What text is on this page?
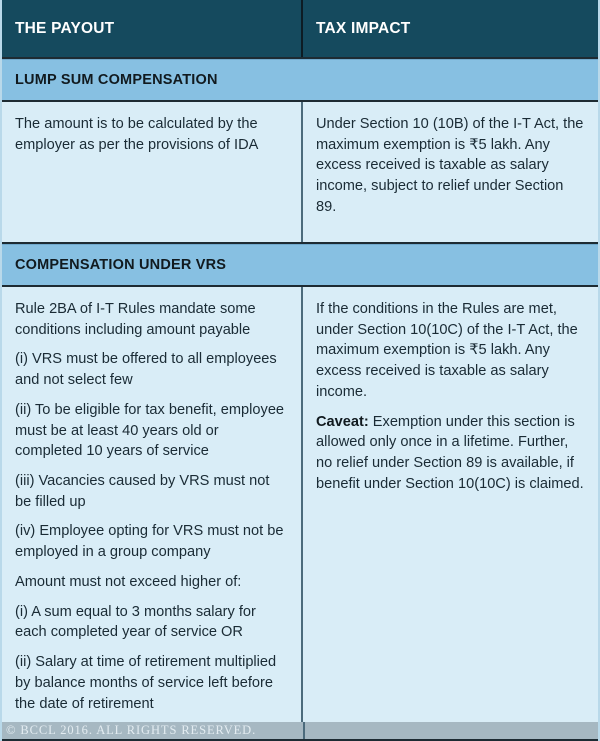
THE PAYOUT	TAX IMPACT
LUMP SUM COMPENSATION

The amount is to be calculated by the employer as per the provisions of IDA

Under Section 10 (10B) of the I-T Act, the maximum exemption is ₹5 lakh. Any excess received is taxable as salary income, subject to relief under Section 89.

COMPENSATION UNDER VRS

Rule 2BA of I-T Rules mandate some conditions including amount payable

(i) VRS must be offered to all employees and not select few

(ii) To be eligible for tax benefit, employee must be at least 40 years old or completed 10 years of service

(iii) Vacancies caused by VRS must not be filled up

(iv) Employee opting for VRS must not be employed in a group company

Amount must not exceed higher of:

(i) A sum equal to 3 months salary for each completed year of service OR

(ii) Salary at time of retirement multiplied by balance months of service left before the date of retirement

If the conditions in the Rules are met, under Section 10(10C) of the I-T Act, the maximum exemption is ₹5 lakh. Any excess received is taxable as salary income.

Caveat: Exemption under this section is allowed only once in a lifetime. Further, no relief under Section 89 is available, if benefit under Section 10(10C) is claimed.

© BCCL 2016. ALL RIGHTS RESERVED.
